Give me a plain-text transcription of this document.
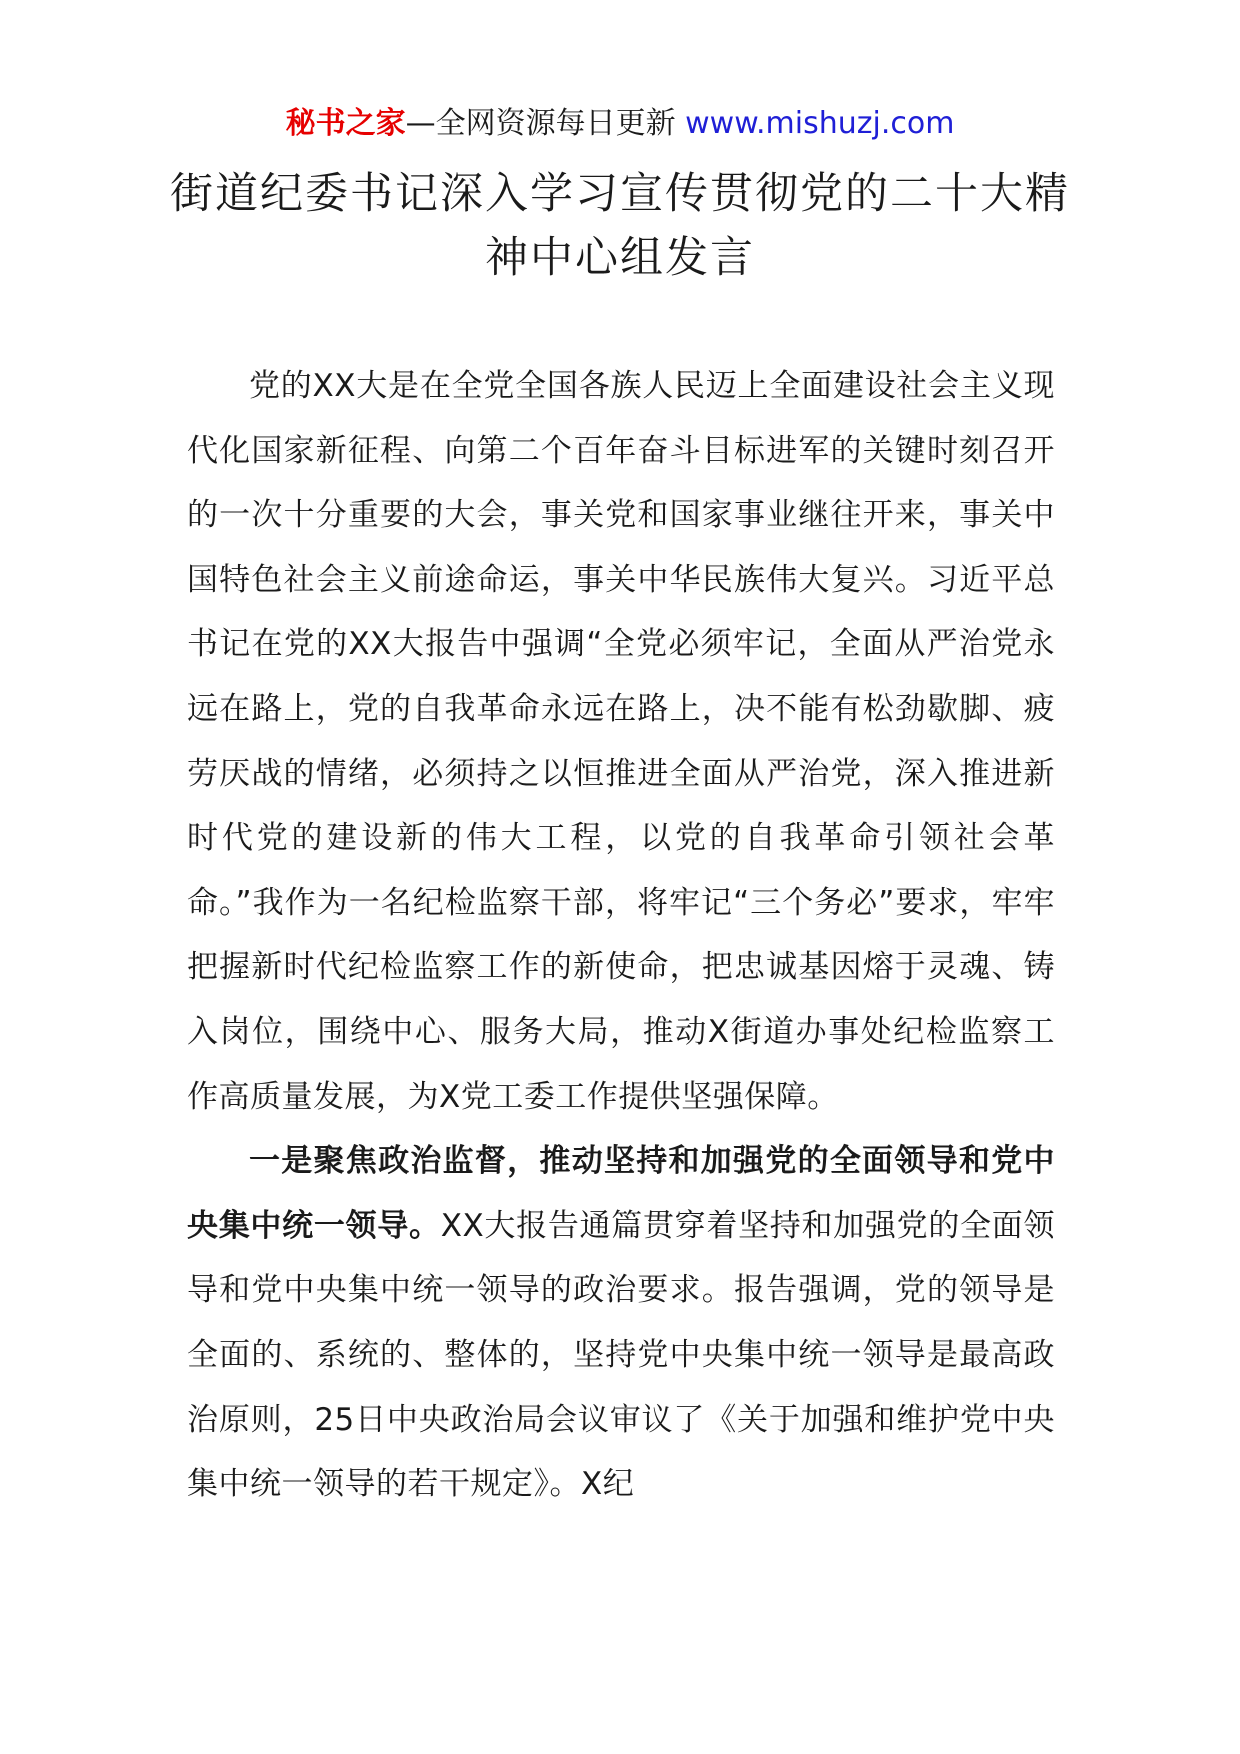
秘书之家—全网资源每日更新 www.mishuzj.com
街道纪委书记深入学习宣传贯彻党的二十大精神中心组发言

党的XX大是在全党全国各族人民迈上全面建设社会主义现代化国家新征程、向第二个百年奋斗目标进军的关键时刻召开的一次十分重要的大会，事关党和国家事业继往开来，事关中国特色社会主义前途命运，事关中华民族伟大复兴。习近平总书记在党的XX大报告中强调“全党必须牢记，全面从严治党永远在路上，党的自我革命永远在路上，决不能有松劲歇脚、疲劳厌战的情绪，必须持之以恒推进全面从严治党，深入推进新时代党的建设新的伟大工程，以党的自我革命引领社会革命。”我作为一名纪检监察干部，将牢记“三个务必”要求，牢牢把握新时代纪检监察工作的新使命，把忠诚基因熔于灵魂、铸入岗位，围绕中心、服务大局，推动X街道办事处纪检监察工作高质量发展，为X党工委工作提供坚强保障。

一是聚焦政治监督，推动坚持和加强党的全面领导和党中央集中统一领导。XX大报告通篇贯穿着坚持和加强党的全面领导和党中央集中统一领导的政治要求。报告强调，党的领导是全面的、系统的、整体的，坚持党中央集中统一领导是最高政治原则，25日中央政治局会议审议了《关于加强和维护党中央集中统一领导的若干规定》。X纪
